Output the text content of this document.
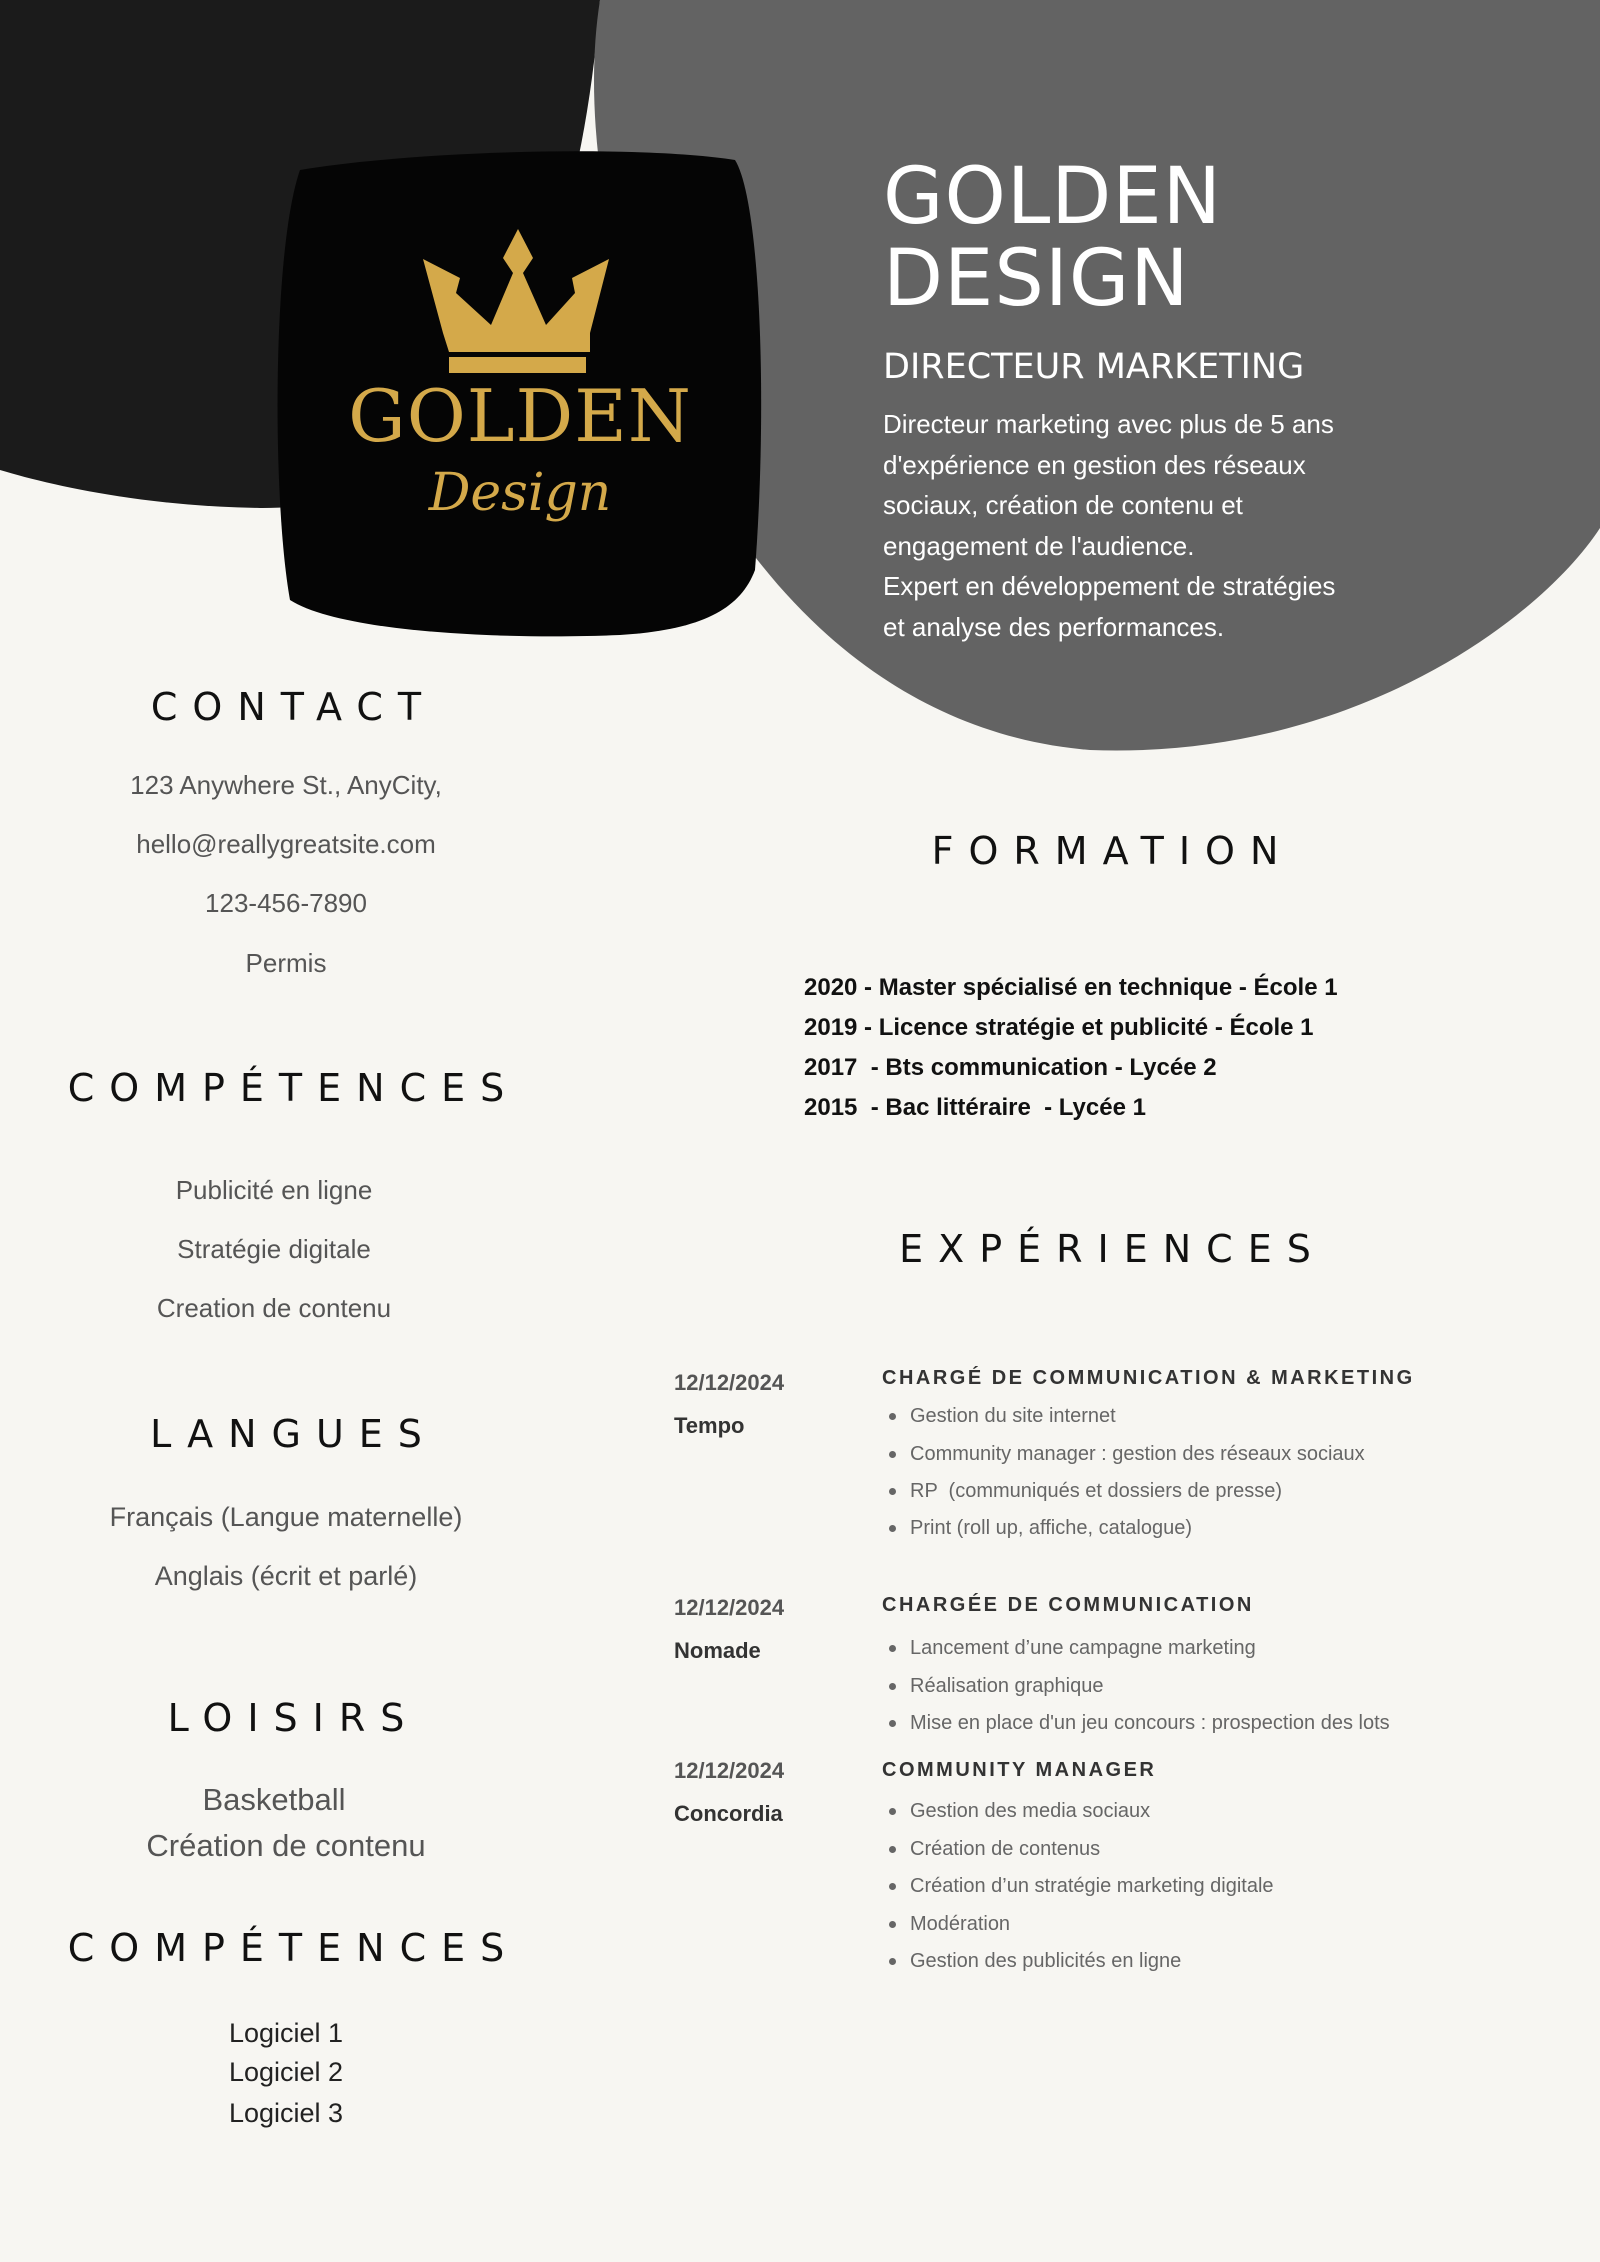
GOLDEN
Design
GOLDEN
DESIGN
DIRECTEUR MARKETING
Directeur marketing avec plus de 5 ans
d'expérience en gestion des réseaux
sociaux, création de contenu et
engagement de l'audience.
Expert en développement de stratégies
et analyse des performances.
CONTACT
123 Anywhere St., AnyCity,
hello@reallygreatsite.com
123-456-7890
Permis
COMPÉTENCES
Publicité en ligne
Stratégie digitale
Creation de contenu
LANGUES
Français (Langue maternelle)
Anglais (écrit et parlé)
LOISIRS
Basketball
Création de contenu
COMPÉTENCES
Logiciel 1
Logiciel 2
Logiciel 3
FORMATION
2020 - Master spécialisé en technique - École 1
2019 - Licence stratégie et publicité - École 1
2017  - Bts communication - Lycée 2
2015  - Bac littéraire  - Lycée 1
EXPÉRIENCES
12/12/2024
Tempo
CHARGÉ DE COMMUNICATION & MARKETING
Gestion du site internet
Community manager : gestion des réseaux sociaux
RP  (communiqués et dossiers de presse)
Print (roll up, affiche, catalogue)
12/12/2024
Nomade
CHARGÉE DE COMMUNICATION
Lancement d’une campagne marketing
Réalisation graphique
Mise en place d'un jeu concours : prospection des lots
12/12/2024
Concordia
COMMUNITY MANAGER
Gestion des media sociaux
Création de contenus
Création d’un stratégie marketing digitale
Modération
Gestion des publicités en ligne
